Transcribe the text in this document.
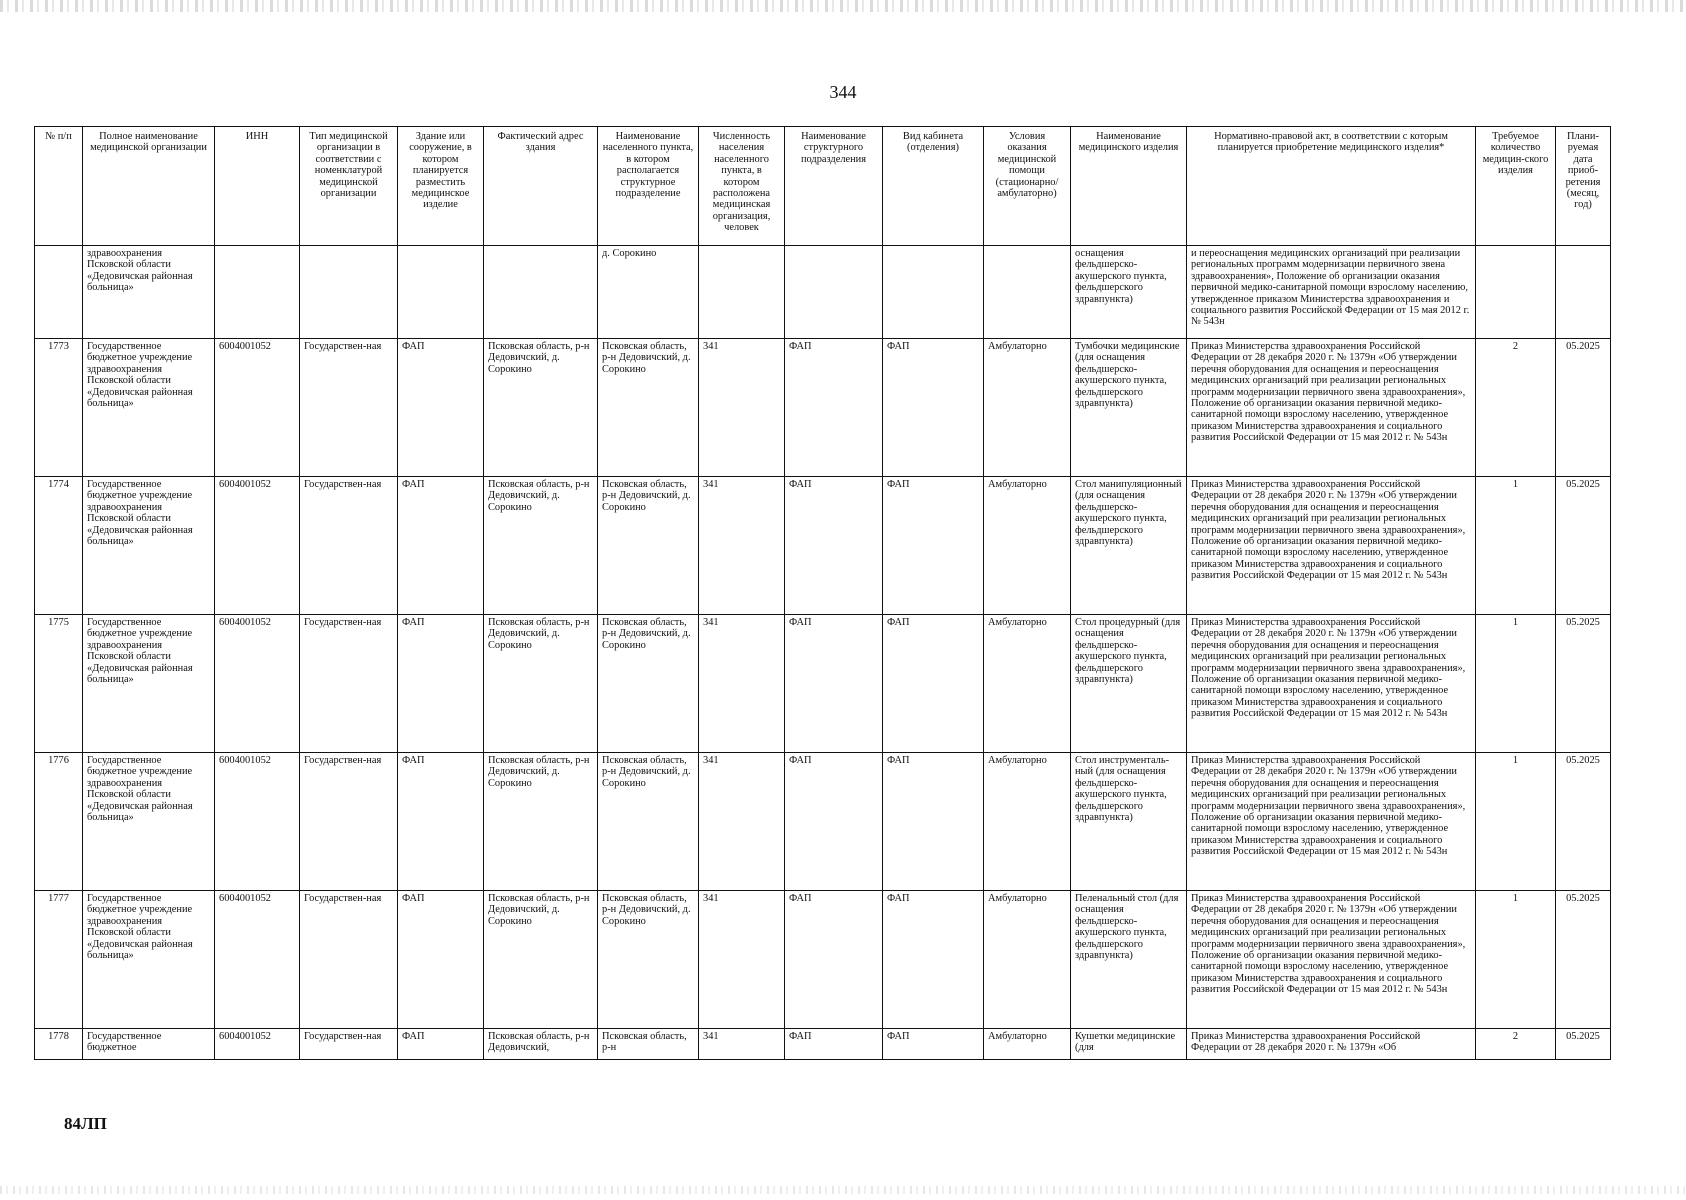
344
№ п/п	Полное наименование медицинской организации	ИНН	Тип медицинской организации в соответствии с номенклатурой медицинской организации	Здание или сооружение, в котором планируется разместить медицинское изделие	Фактический адрес здания	Наименование населенного пункта, в котором располагается структурное подразделение	Численность населения населенного пункта, в котором расположена медицинская организация, человек	Наименование структурного подразделения	Вид кабинета (отделения)	Условия оказания медицинской помощи (стационарно/ амбулаторно)	Наименование медицинского изделия	Нормативно-правовой акт, в соответствии с которым планируется приобретение медицинского изделия*	Требуемое количество медицин-ского изделия	Плани-руемая дата приоб-ретения (месяц, год)
	здравоохранения Псковской области «Дедовичская районная больница»					д. Сорокино					оснащения фельдшерско-акушерского пункта, фельдшерского здравпункта)	и переоснащения медицинских организаций при реализации региональных программ модернизации первичного звена здравоохранения», Положение об организации оказания первичной медико-санитарной помощи взрослому населению, утвержденное приказом Министерства здравоохранения и социального развития Российской Федерации от 15 мая 2012 г. № 543н		
1773	Государственное бюджетное учреждение здравоохранения Псковской области «Дедовичская районная больница»	6004001052	Государствен-ная	ФАП	Псковская область, р-н Дедовичский, д. Сорокино	Псковская область, р-н Дедовичский, д. Сорокино	341	ФАП	ФАП	Амбулаторно	Тумбочки медицинские (для оснащения фельдшерско-акушерского пункта, фельдшерского здравпункта)	Приказ Министерства здравоохранения Российской Федерации от 28 декабря 2020 г. № 1379н «Об утверждении перечня оборудования для оснащения и переоснащения медицинских организаций при реализации региональных программ модернизации первичного звена здравоохранения», Положение об организации оказания первичной медико-санитарной помощи взрослому населению, утвержденное приказом Министерства здравоохранения и социального развития Российской Федерации от 15 мая 2012 г. № 543н	2	05.2025
1774	Государственное бюджетное учреждение здравоохранения Псковской области «Дедовичская районная больница»	6004001052	Государствен-ная	ФАП	Псковская область, р-н Дедовичский, д. Сорокино	Псковская область, р-н Дедовичский, д. Сорокино	341	ФАП	ФАП	Амбулаторно	Стол манипуляционный (для оснащения фельдшерско-акушерского пункта, фельдшерского здравпункта)	Приказ Министерства здравоохранения Российской Федерации от 28 декабря 2020 г. № 1379н «Об утверждении перечня оборудования для оснащения и переоснащения медицинских организаций при реализации региональных программ модернизации первичного звена здравоохранения», Положение об организации оказания первичной медико-санитарной помощи взрослому населению, утвержденное приказом Министерства здравоохранения и социального развития Российской Федерации от 15 мая 2012 г. № 543н	1	05.2025
1775	Государственное бюджетное учреждение здравоохранения Псковской области «Дедовичская районная больница»	6004001052	Государствен-ная	ФАП	Псковская область, р-н Дедовичский, д. Сорокино	Псковская область, р-н Дедовичский, д. Сорокино	341	ФАП	ФАП	Амбулаторно	Стол процедурный (для оснащения фельдшерско-акушерского пункта, фельдшерского здравпункта)	Приказ Министерства здравоохранения Российской Федерации от 28 декабря 2020 г. № 1379н «Об утверждении перечня оборудования для оснащения и переоснащения медицинских организаций при реализации региональных программ модернизации первичного звена здравоохранения», Положение об организации оказания первичной медико-санитарной помощи взрослому населению, утвержденное приказом Министерства здравоохранения и социального развития Российской Федерации от 15 мая 2012 г. № 543н	1	05.2025
1776	Государственное бюджетное учреждение здравоохранения Псковской области «Дедовичская районная больница»	6004001052	Государствен-ная	ФАП	Псковская область, р-н Дедовичский, д. Сорокино	Псковская область, р-н Дедовичский, д. Сорокино	341	ФАП	ФАП	Амбулаторно	Стол инструменталь-ный (для оснащения фельдшерско-акушерского пункта, фельдшерского здравпункта)	Приказ Министерства здравоохранения Российской Федерации от 28 декабря 2020 г. № 1379н «Об утверждении перечня оборудования для оснащения и переоснащения медицинских организаций при реализации региональных программ модернизации первичного звена здравоохранения», Положение об организации оказания первичной медико-санитарной помощи взрослому населению, утвержденное приказом Министерства здравоохранения и социального развития Российской Федерации от 15 мая 2012 г. № 543н	1	05.2025
1777	Государственное бюджетное учреждение здравоохранения Псковской области «Дедовичская районная больница»	6004001052	Государствен-ная	ФАП	Псковская область, р-н Дедовичский, д. Сорокино	Псковская область, р-н Дедовичский, д. Сорокино	341	ФАП	ФАП	Амбулаторно	Пеленальный стол (для оснащения фельдшерско-акушерского пункта, фельдшерского здравпункта)	Приказ Министерства здравоохранения Российской Федерации от 28 декабря 2020 г. № 1379н «Об утверждении перечня оборудования для оснащения и переоснащения медицинских организаций при реализации региональных программ модернизации первичного звена здравоохранения», Положение об организации оказания первичной медико-санитарной помощи взрослому населению, утвержденное приказом Министерства здравоохранения и социального развития Российской Федерации от 15 мая 2012 г. № 543н	1	05.2025
1778	Государственное бюджетное	6004001052	Государствен-ная	ФАП	Псковская область, р-н Дедовичский,	Псковская область, р-н	341	ФАП	ФАП	Амбулаторно	Кушетки медицинские (для	Приказ Министерства здравоохранения Российской Федерации от 28 декабря 2020 г. № 1379н «Об	2	05.2025
84ЛП
